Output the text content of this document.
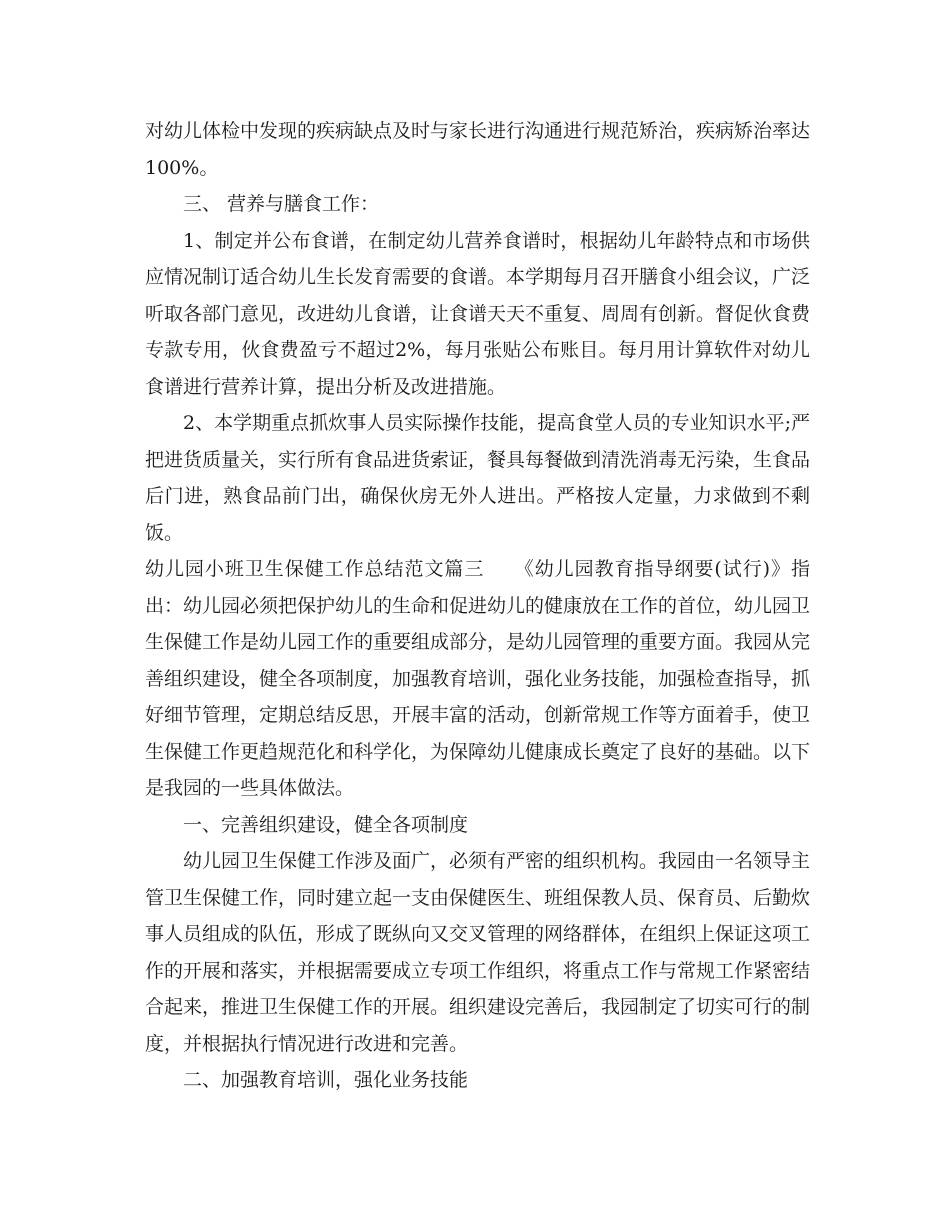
对幼儿体检中发现的疾病缺点及时与家长进行沟通进行规范矫治，疾病矫治率达100%。

三、 营养与膳食工作：

1、制定并公布食谱，在制定幼儿营养食谱时，根据幼儿年龄特点和市场供应情况制订适合幼儿生长发育需要的食谱。本学期每月召开膳食小组会议，广泛听取各部门意见，改进幼儿食谱，让食谱天天不重复、周周有创新。督促伙食费专款专用，伙食费盈亏不超过2%，每月张贴公布账目。每月用计算软件对幼儿食谱进行营养计算，提出分析及改进措施。

2、本学期重点抓炊事人员实际操作技能，提高食堂人员的专业知识水平;严把进货质量关，实行所有食品进货索证，餐具每餐做到清洗消毒无污染，生食品后门进，熟食品前门出，确保伙房无外人进出。严格按人定量，力求做到不剩饭。

幼儿园小班卫生保健工作总结范文篇三　　《幼儿园教育指导纲要(试行)》指出：幼儿园必须把保护幼儿的生命和促进幼儿的健康放在工作的首位，幼儿园卫生保健工作是幼儿园工作的重要组成部分，是幼儿园管理的重要方面。我园从完善组织建设，健全各项制度，加强教育培训，强化业务技能，加强检查指导，抓好细节管理，定期总结反思，开展丰富的活动，创新常规工作等方面着手，使卫生保健工作更趋规范化和科学化，为保障幼儿健康成长奠定了良好的基础。以下是我园的一些具体做法。

一、完善组织建设，健全各项制度

幼儿园卫生保健工作涉及面广，必须有严密的组织机构。我园由一名领导主管卫生保健工作，同时建立起一支由保健医生、班组保教人员、保育员、后勤炊事人员组成的队伍，形成了既纵向又交叉管理的网络群体，在组织上保证这项工作的开展和落实，并根据需要成立专项工作组织，将重点工作与常规工作紧密结合起来，推进卫生保健工作的开展。组织建设完善后，我园制定了切实可行的制度，并根据执行情况进行改进和完善。

二、加强教育培训，强化业务技能
